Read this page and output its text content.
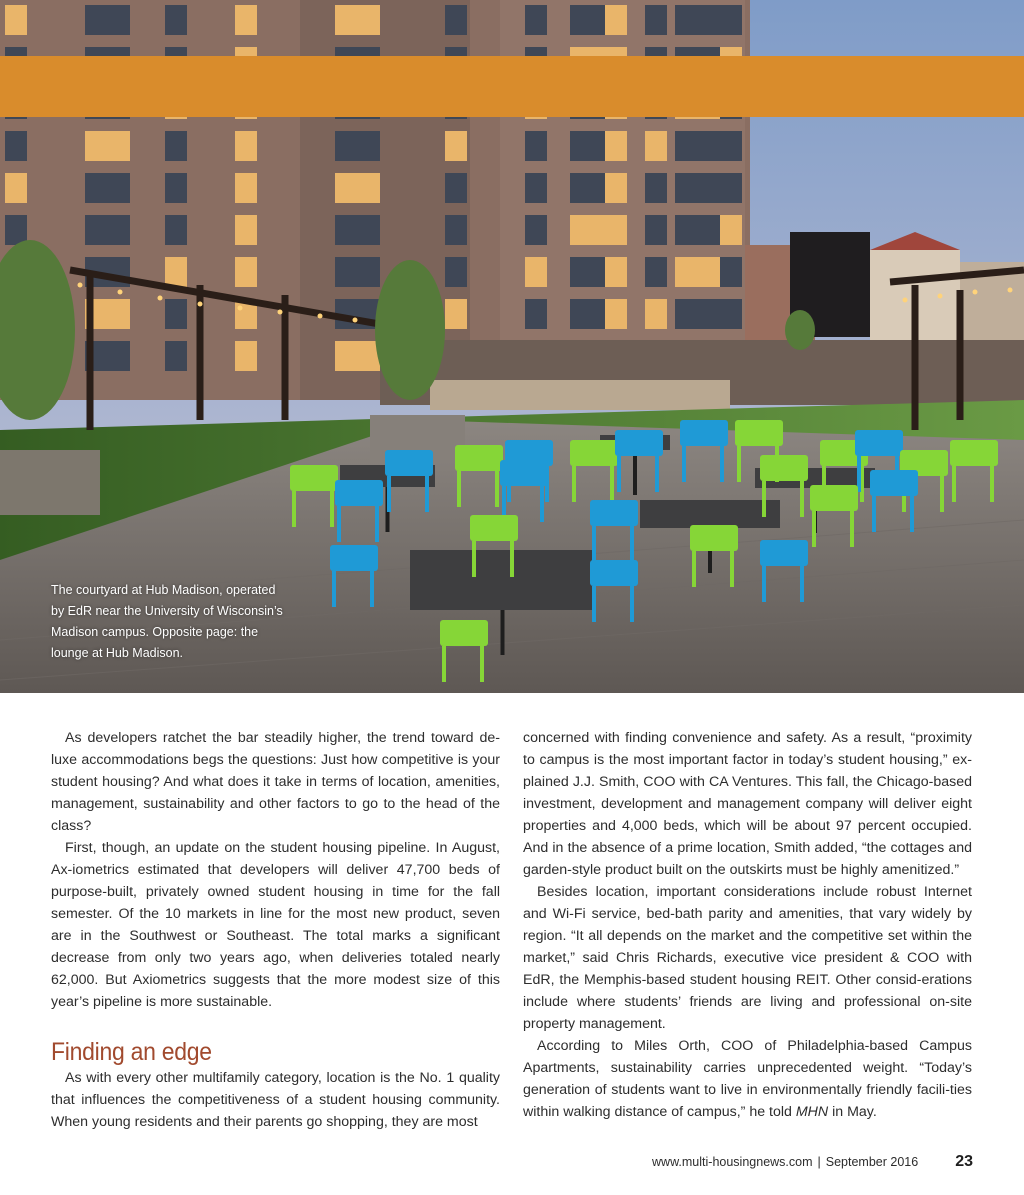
The courtyard at Hub Madison, operated

by EdR near the University of Wisconsin’s

Madison campus. Opposite page: the

lounge at Hub Madison.

As developers ratchet the bar steadily higher, the trend toward de-luxe accommodations begs the questions: Just how competitive is your student housing? And what does it take in terms of location, amenities, management, sustainability and other factors to go to the head of the class?

First, though, an update on the student housing pipeline. In August, Ax-iometrics estimated that developers will deliver 47,700 beds of purpose-built, privately owned student housing in time for the fall semester. Of the 10 markets in line for the most new product, seven are in the Southwest or Southeast. The total marks a significant decrease from only two years ago, when deliveries totaled nearly 62,000. But Axiometrics suggests that the more modest size of this year’s pipeline is more sustainable.

Finding an edge

As with every other multifamily category, location is the No. 1 quality that influences the competitiveness of a student housing community. When young residents and their parents go shopping, they are most

concerned with finding convenience and safety. As a result, “proximity to campus is the most important factor in today’s student housing,” ex-plained J.J. Smith, COO with CA Ventures. This fall, the Chicago-based investment, development and management company will deliver eight properties and 4,000 beds, which will be about 97 percent occupied. And in the absence of a prime location, Smith added, “the cottages and garden-style product built on the outskirts must be highly amenitized.”

Besides location, important considerations include robust Internet and Wi-Fi service, bed-bath parity and amenities, that vary widely by region. “It all depends on the market and the competitive set within the market,” said Chris Richards, executive vice president & COO with EdR, the Memphis-based student housing REIT. Other consid-erations include where students’ friends are living and professional on-site property management.

According to Miles Orth, COO of Philadelphia-based Campus Apartments, sustainability carries unprecedented weight. “Today’s generation of students want to live in environmentally friendly facili-ties within walking distance of campus,” he told MHN in May.

www.multi-housingnews.com | September 2016 23
